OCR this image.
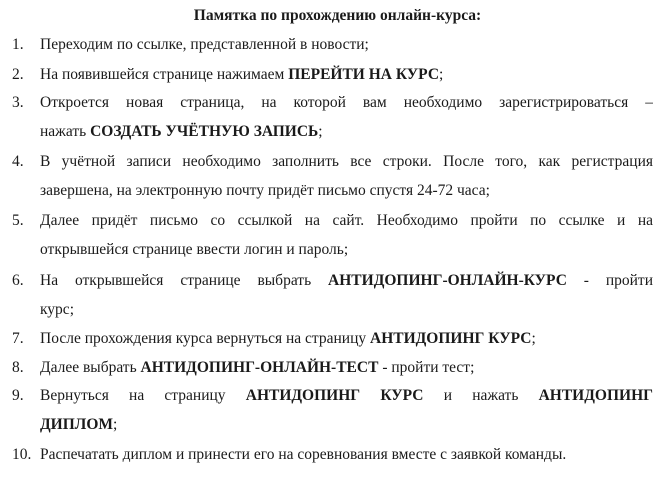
Памятка по прохождению онлайн-курса:
1.	Переходим по ссылке, представленной в новости;
2.	На появившейся странице нажимаем ПЕРЕЙТИ НА КУРС;
3.	Откроется новая страница, на которой вам необходимо зарегистрироваться –
нажать СОЗДАТЬ УЧЁТНУЮ ЗАПИСЬ;
4.	В учётной записи необходимо заполнить все строки. После того, как регистрация
завершена, на электронную почту придёт письмо спустя 24-72 часа;
5.	Далее придёт письмо со ссылкой на сайт. Необходимо пройти по ссылке и на
открывшейся странице ввести логин и пароль;
6.	На открывшейся странице выбрать АНТИДОПИНГ-ОНЛАЙН-КУРС - пройти
курс;
7.	После прохождения курса вернуться на страницу АНТИДОПИНГ КУРС;
8.	Далее выбрать АНТИДОПИНГ-ОНЛАЙН-ТЕСТ - пройти тест;
9.	Вернуться на страницу АНТИДОПИНГ КУРС и нажать АНТИДОПИНГ
ДИПЛОМ;
10. Распечатать диплом и принести его на соревнования вместе с заявкой команды.
